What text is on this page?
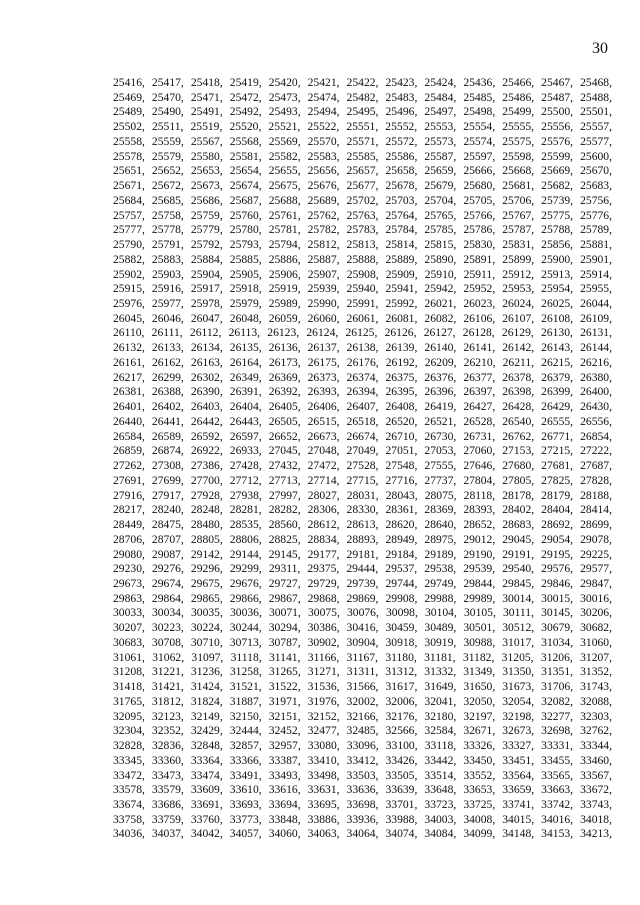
30
25416, 25417, 25418, 25419, 25420, 25421, 25422, 25423, 25424, 25436, 25466, 25467, 25468,
25469, 25470, 25471, 25472, 25473, 25474, 25482, 25483, 25484, 25485, 25486, 25487, 25488,
25489, 25490, 25491, 25492, 25493, 25494, 25495, 25496, 25497, 25498, 25499, 25500, 25501,
25502, 25511, 25519, 25520, 25521, 25522, 25551, 25552, 25553, 25554, 25555, 25556, 25557,
25558, 25559, 25567, 25568, 25569, 25570, 25571, 25572, 25573, 25574, 25575, 25576, 25577,
25578, 25579, 25580, 25581, 25582, 25583, 25585, 25586, 25587, 25597, 25598, 25599, 25600,
25651, 25652, 25653, 25654, 25655, 25656, 25657, 25658, 25659, 25666, 25668, 25669, 25670,
25671, 25672, 25673, 25674, 25675, 25676, 25677, 25678, 25679, 25680, 25681, 25682, 25683,
25684, 25685, 25686, 25687, 25688, 25689, 25702, 25703, 25704, 25705, 25706, 25739, 25756,
25757, 25758, 25759, 25760, 25761, 25762, 25763, 25764, 25765, 25766, 25767, 25775, 25776,
25777, 25778, 25779, 25780, 25781, 25782, 25783, 25784, 25785, 25786, 25787, 25788, 25789,
25790, 25791, 25792, 25793, 25794, 25812, 25813, 25814, 25815, 25830, 25831, 25856, 25881,
25882, 25883, 25884, 25885, 25886, 25887, 25888, 25889, 25890, 25891, 25899, 25900, 25901,
25902, 25903, 25904, 25905, 25906, 25907, 25908, 25909, 25910, 25911, 25912, 25913, 25914,
25915, 25916, 25917, 25918, 25919, 25939, 25940, 25941, 25942, 25952, 25953, 25954, 25955,
25976, 25977, 25978, 25979, 25989, 25990, 25991, 25992, 26021, 26023, 26024, 26025, 26044,
26045, 26046, 26047, 26048, 26059, 26060, 26061, 26081, 26082, 26106, 26107, 26108, 26109,
26110, 26111, 26112, 26113, 26123, 26124, 26125, 26126, 26127, 26128, 26129, 26130, 26131,
26132, 26133, 26134, 26135, 26136, 26137, 26138, 26139, 26140, 26141, 26142, 26143, 26144,
26161, 26162, 26163, 26164, 26173, 26175, 26176, 26192, 26209, 26210, 26211, 26215, 26216,
26217, 26299, 26302, 26349, 26369, 26373, 26374, 26375, 26376, 26377, 26378, 26379, 26380,
26381, 26388, 26390, 26391, 26392, 26393, 26394, 26395, 26396, 26397, 26398, 26399, 26400,
26401, 26402, 26403, 26404, 26405, 26406, 26407, 26408, 26419, 26427, 26428, 26429, 26430,
26440, 26441, 26442, 26443, 26505, 26515, 26518, 26520, 26521, 26528, 26540, 26555, 26556,
26584, 26589, 26592, 26597, 26652, 26673, 26674, 26710, 26730, 26731, 26762, 26771, 26854,
26859, 26874, 26922, 26933, 27045, 27048, 27049, 27051, 27053, 27060, 27153, 27215, 27222,
27262, 27308, 27386, 27428, 27432, 27472, 27528, 27548, 27555, 27646, 27680, 27681, 27687,
27691, 27699, 27700, 27712, 27713, 27714, 27715, 27716, 27737, 27804, 27805, 27825, 27828,
27916, 27917, 27928, 27938, 27997, 28027, 28031, 28043, 28075, 28118, 28178, 28179, 28188,
28217, 28240, 28248, 28281, 28282, 28306, 28330, 28361, 28369, 28393, 28402, 28404, 28414,
28449, 28475, 28480, 28535, 28560, 28612, 28613, 28620, 28640, 28652, 28683, 28692, 28699,
28706, 28707, 28805, 28806, 28825, 28834, 28893, 28949, 28975, 29012, 29045, 29054, 29078,
29080, 29087, 29142, 29144, 29145, 29177, 29181, 29184, 29189, 29190, 29191, 29195, 29225,
29230, 29276, 29296, 29299, 29311, 29375, 29444, 29537, 29538, 29539, 29540, 29576, 29577,
29673, 29674, 29675, 29676, 29727, 29729, 29739, 29744, 29749, 29844, 29845, 29846, 29847,
29863, 29864, 29865, 29866, 29867, 29868, 29869, 29908, 29988, 29989, 30014, 30015, 30016,
30033, 30034, 30035, 30036, 30071, 30075, 30076, 30098, 30104, 30105, 30111, 30145, 30206,
30207, 30223, 30224, 30244, 30294, 30386, 30416, 30459, 30489, 30501, 30512, 30679, 30682,
30683, 30708, 30710, 30713, 30787, 30902, 30904, 30918, 30919, 30988, 31017, 31034, 31060,
31061, 31062, 31097, 31118, 31141, 31166, 31167, 31180, 31181, 31182, 31205, 31206, 31207,
31208, 31221, 31236, 31258, 31265, 31271, 31311, 31312, 31332, 31349, 31350, 31351, 31352,
31418, 31421, 31424, 31521, 31522, 31536, 31566, 31617, 31649, 31650, 31673, 31706, 31743,
31765, 31812, 31824, 31887, 31971, 31976, 32002, 32006, 32041, 32050, 32054, 32082, 32088,
32095, 32123, 32149, 32150, 32151, 32152, 32166, 32176, 32180, 32197, 32198, 32277, 32303,
32304, 32352, 32429, 32444, 32452, 32477, 32485, 32566, 32584, 32671, 32673, 32698, 32762,
32828, 32836, 32848, 32857, 32957, 33080, 33096, 33100, 33118, 33326, 33327, 33331, 33344,
33345, 33360, 33364, 33366, 33387, 33410, 33412, 33426, 33442, 33450, 33451, 33455, 33460,
33472, 33473, 33474, 33491, 33493, 33498, 33503, 33505, 33514, 33552, 33564, 33565, 33567,
33578, 33579, 33609, 33610, 33616, 33631, 33636, 33639, 33648, 33653, 33659, 33663, 33672,
33674, 33686, 33691, 33693, 33694, 33695, 33698, 33701, 33723, 33725, 33741, 33742, 33743,
33758, 33759, 33760, 33773, 33848, 33886, 33936, 33988, 34003, 34008, 34015, 34016, 34018,
34036, 34037, 34042, 34057, 34060, 34063, 34064, 34074, 34084, 34099, 34148, 34153, 34213,
